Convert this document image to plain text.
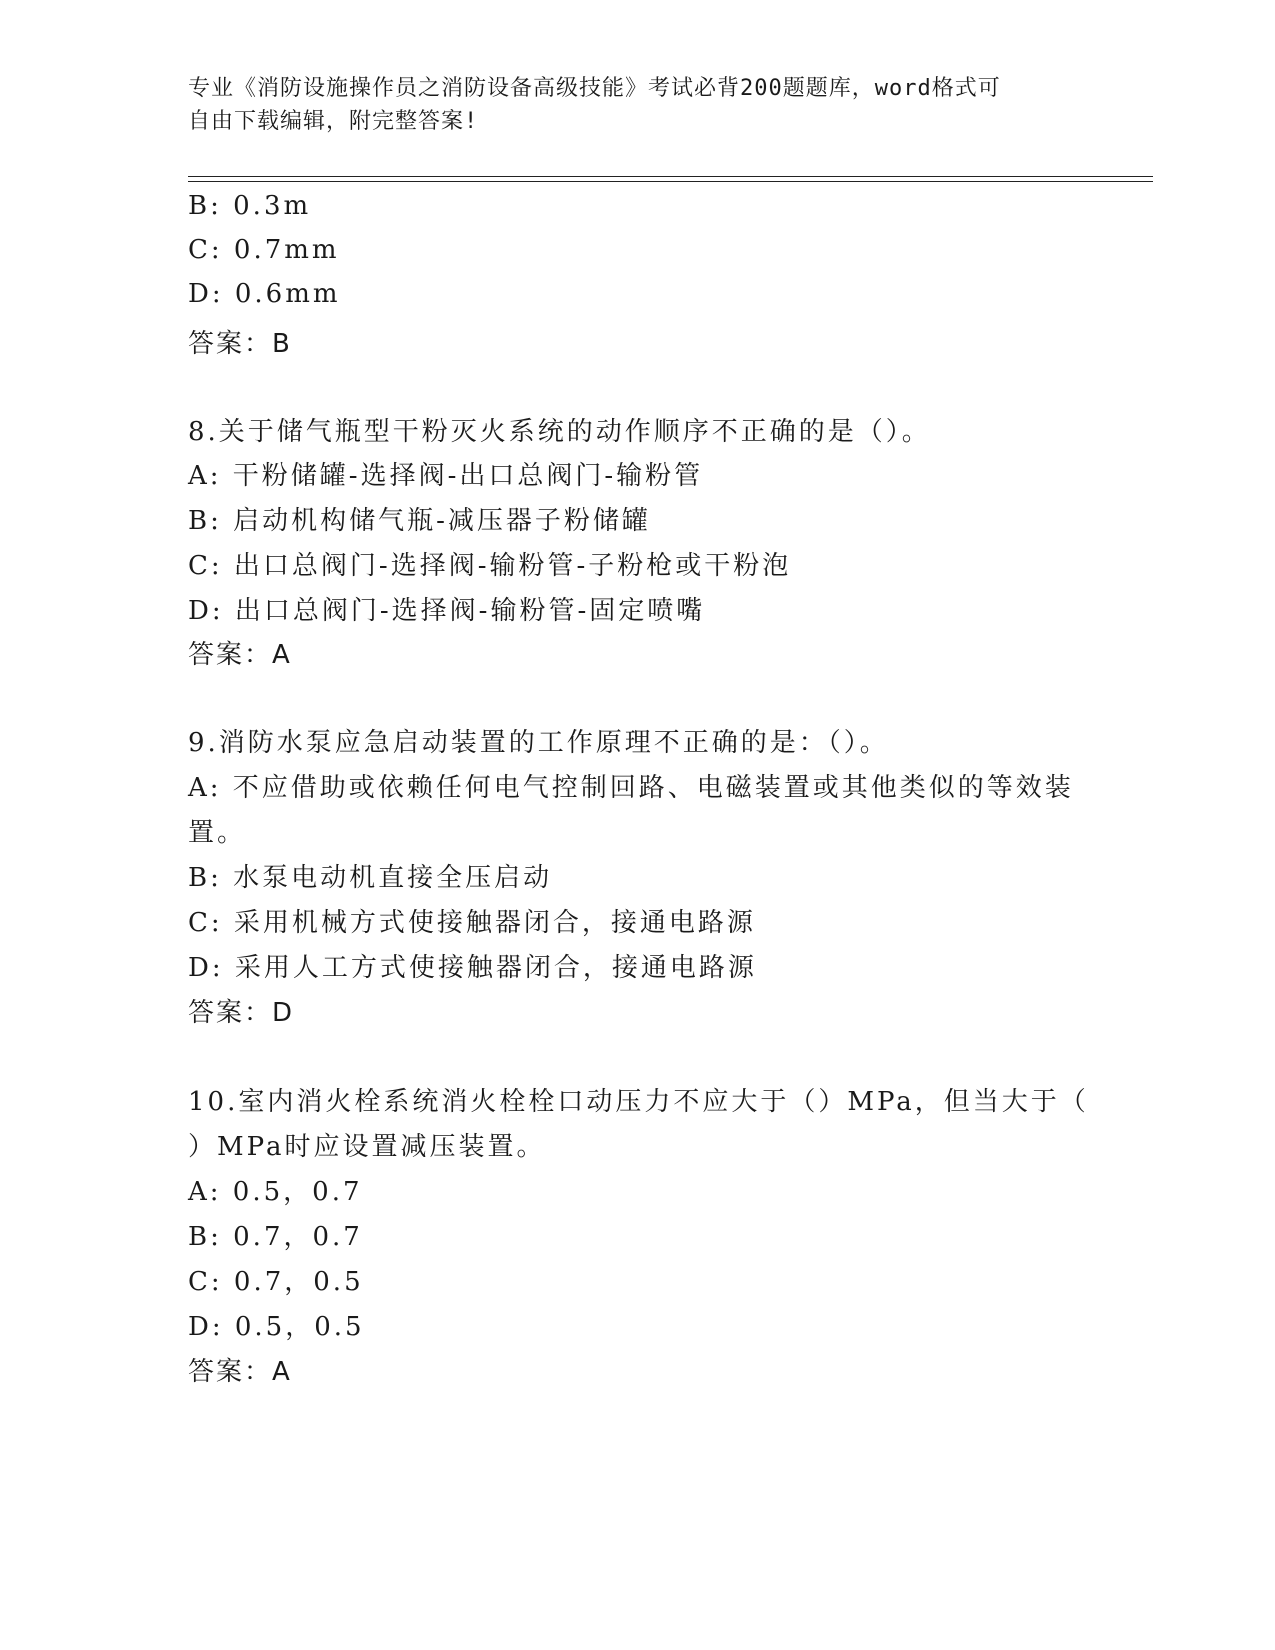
专业《消防设施操作员之消防设备高级技能》考试必背200题题库，word格式可

自由下载编辑，附完整答案!

B: 0.3m
C: 0.7mm
D: 0.6mm
答案：B
8.关于储气瓶型干粉灭火系统的动作顺序不正确的是（）。
A: 干粉储罐-选择阀-出口总阀门-输粉管
B: 启动机构储气瓶-减压器子粉储罐
C: 出口总阀门-选择阀-输粉管-子粉枪或干粉泡
D: 出口总阀门-选择阀-输粉管-固定喷嘴
答案：A
9.消防水泵应急启动装置的工作原理不正确的是：（）。
A: 不应借助或依赖任何电气控制回路、电磁装置或其他类似的等效装
置。
B: 水泵电动机直接全压启动
C: 采用机械方式使接触器闭合，接通电路源
D: 采用人工方式使接触器闭合，接通电路源
答案：D
10.室内消火栓系统消火栓栓口动压力不应大于（）MPa，但当大于（
）MPa时应设置减压装置。
A: 0.5，0.7
B: 0.7，0.7
C: 0.7，0.5
D: 0.5，0.5
答案：A
